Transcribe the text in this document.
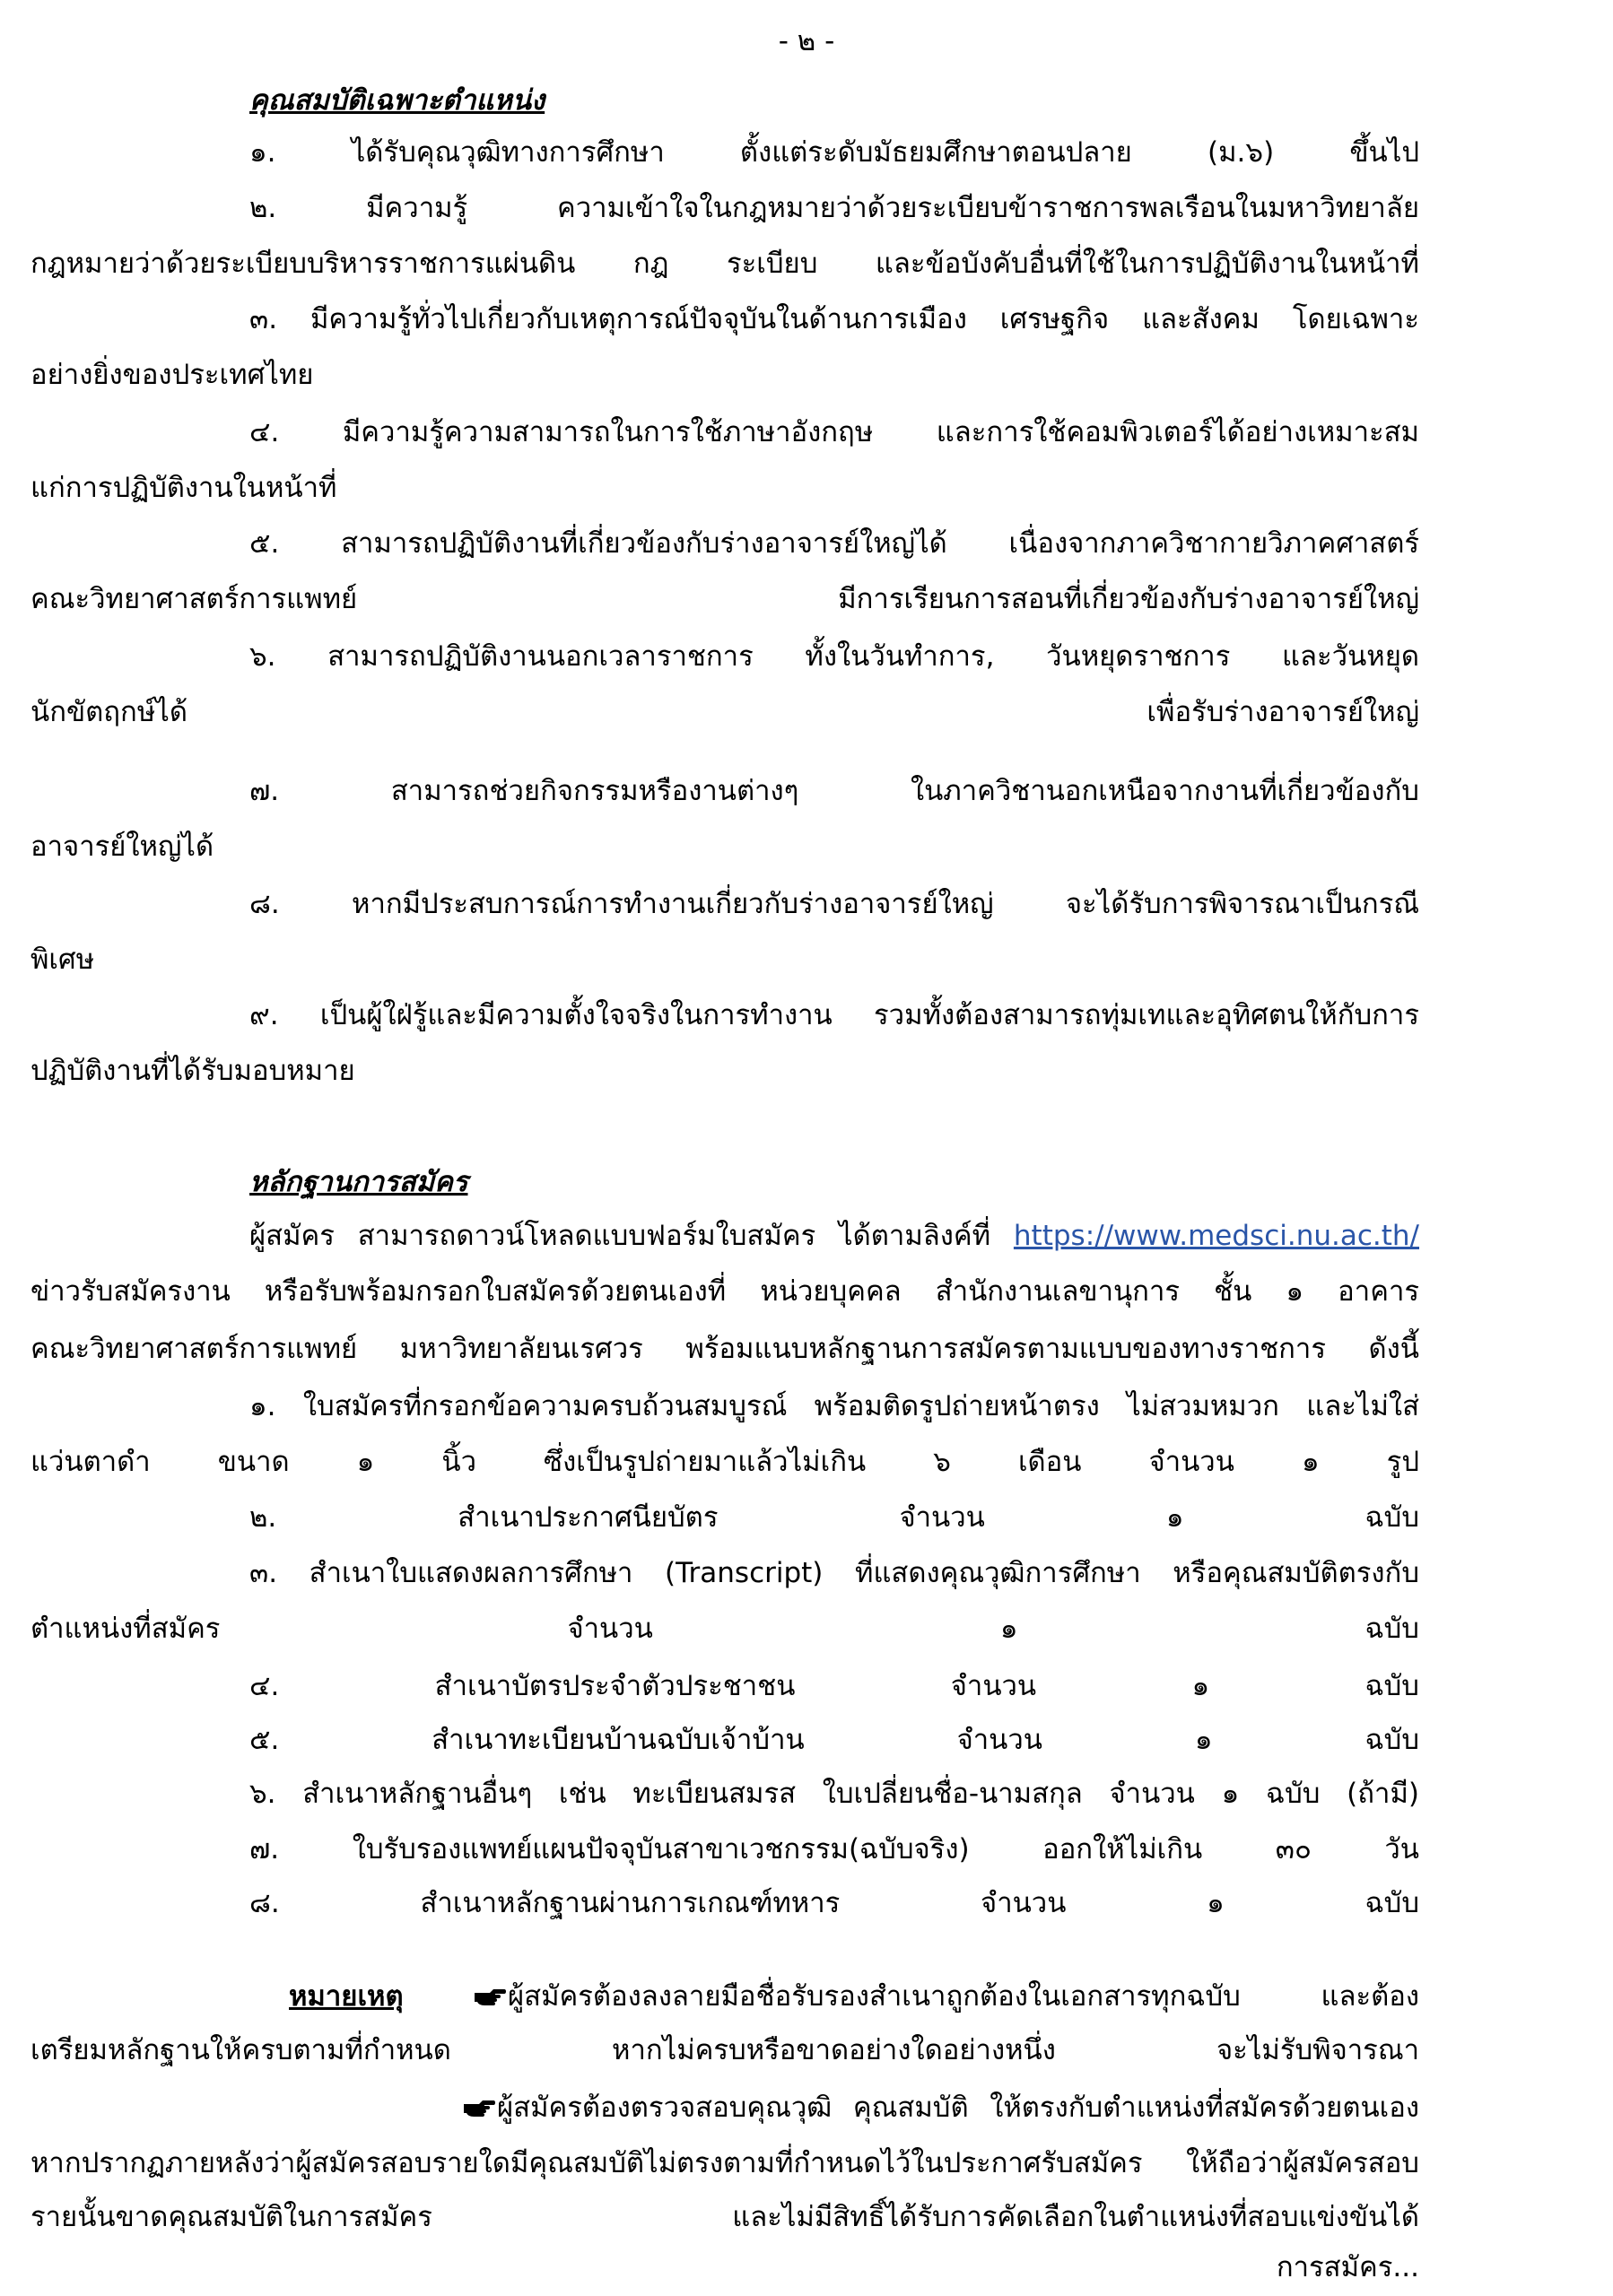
- ๒ -
คุณสมบัติเฉพาะตำแหน่ง
๑. ได้รับคุณวุฒิทางการศึกษา ตั้งแต่ระดับมัธยมศึกษาตอนปลาย (ม.๖) ขึ้นไป
๒. มีความรู้ ความเข้าใจในกฎหมายว่าด้วยระเบียบข้าราชการพลเรือนในมหาวิทยาลัย
กฎหมายว่าด้วยระเบียบบริหารราชการแผ่นดิน กฎ ระเบียบ และข้อบังคับอื่นที่ใช้ในการปฏิบัติงานในหน้าที่
๓. มีความรู้ทั่วไปเกี่ยวกับเหตุการณ์ปัจจุบันในด้านการเมือง เศรษฐกิจ และสังคม โดยเฉพาะ
อย่างยิ่งของประเทศไทย
๔. มีความรู้ความสามารถในการใช้ภาษาอังกฤษ และการใช้คอมพิวเตอร์ได้อย่างเหมาะสม
แก่การปฏิบัติงานในหน้าที่
๕. สามารถปฏิบัติงานที่เกี่ยวข้องกับร่างอาจารย์ใหญ่ได้ เนื่องจากภาควิชากายวิภาคศาสตร์
คณะวิทยาศาสตร์การแพทย์ มีการเรียนการสอนที่เกี่ยวข้องกับร่างอาจารย์ใหญ่
๖. สามารถปฏิบัติงานนอกเวลาราชการ ทั้งในวันทำการ, วันหยุดราชการ และวันหยุด
นักขัตฤกษ์ได้ เพื่อรับร่างอาจารย์ใหญ่
๗. สามารถช่วยกิจกรรมหรืองานต่างๆ ในภาควิชานอกเหนือจากงานที่เกี่ยวข้องกับ
อาจารย์ใหญ่ได้
๘. หากมีประสบการณ์การทำงานเกี่ยวกับร่างอาจารย์ใหญ่ จะได้รับการพิจารณาเป็นกรณี
พิเศษ
๙. เป็นผู้ใฝ่รู้และมีความตั้งใจจริงในการทำงาน รวมทั้งต้องสามารถทุ่มเทและอุทิศตนให้กับการ
ปฏิบัติงานที่ได้รับมอบหมาย
หลักฐานการสมัคร
ผู้สมัคร สามารถดาวน์โหลดแบบฟอร์มใบสมัคร ได้ตามลิงค์ที่ https://www.medsci.nu.ac.th/
ข่าวรับสมัครงาน หรือรับพร้อมกรอกใบสมัครด้วยตนเองที่ หน่วยบุคคล สำนักงานเลขานุการ ชั้น ๑ อาคาร
คณะวิทยาศาสตร์การแพทย์ มหาวิทยาลัยนเรศวร พร้อมแนบหลักฐานการสมัครตามแบบของทางราชการ ดังนี้
๑. ใบสมัครที่กรอกข้อความครบถ้วนสมบูรณ์ พร้อมติดรูปถ่ายหน้าตรง ไม่สวมหมวก และไม่ใส่
แว่นตาดำ ขนาด ๑ นิ้ว ซึ่งเป็นรูปถ่ายมาแล้วไม่เกิน ๖ เดือน จำนวน ๑ รูป
๒. สำเนาประกาศนียบัตร จำนวน ๑ ฉบับ
๓. สำเนาใบแสดงผลการศึกษา (Transcript) ที่แสดงคุณวุฒิการศึกษา หรือคุณสมบัติตรงกับ
ตำแหน่งที่สมัคร จำนวน ๑ ฉบับ
๔. สำเนาบัตรประจำตัวประชาชน จำนวน ๑ ฉบับ
๕. สำเนาทะเบียนบ้านฉบับเจ้าบ้าน จำนวน ๑ ฉบับ
๖. สำเนาหลักฐานอื่นๆ เช่น ทะเบียนสมรส ใบเปลี่ยนชื่อ-นามสกุล จำนวน ๑ ฉบับ (ถ้ามี)
๗. ใบรับรองแพทย์แผนปัจจุบันสาขาเวชกรรม(ฉบับจริง) ออกให้ไม่เกิน ๓๐ วัน
๘. สำเนาหลักฐานผ่านการเกณฑ์ทหาร จำนวน ๑ ฉบับ
หมายเหตุ	ผู้สมัครต้องลงลายมือชื่อรับรองสำเนาถูกต้องในเอกสารทุกฉบับ และต้อง
เตรียมหลักฐานให้ครบตามที่กำหนด หากไม่ครบหรือขาดอย่างใดอย่างหนึ่ง จะไม่รับพิจารณา
ผู้สมัครต้องตรวจสอบคุณวุฒิ คุณสมบัติ ให้ตรงกับตำแหน่งที่สมัครด้วยตนเอง
หากปรากฏภายหลังว่าผู้สมัครสอบรายใดมีคุณสมบัติไม่ตรงตามที่กำหนดไว้ในประกาศรับสมัคร ให้ถือว่าผู้สมัครสอบ
รายนั้นขาดคุณสมบัติในการสมัคร และไม่มีสิทธิ์ได้รับการคัดเลือกในตำแหน่งที่สอบแข่งขันได้
การสมัคร...
